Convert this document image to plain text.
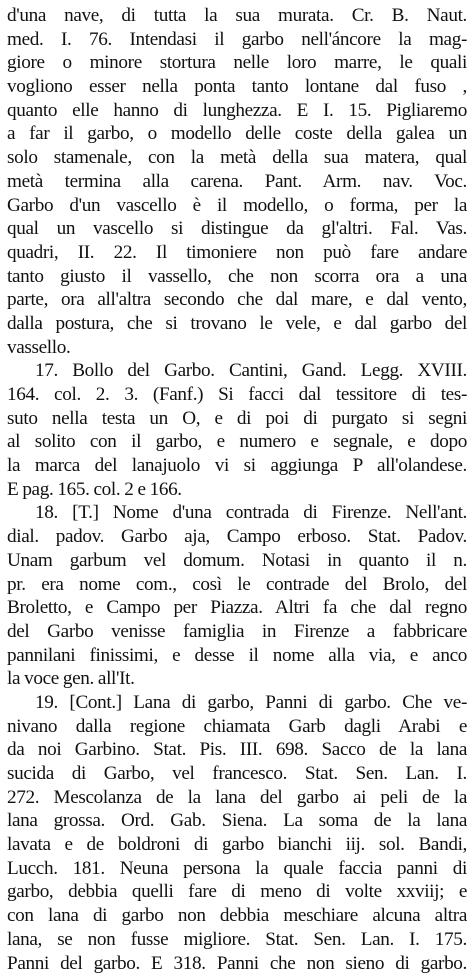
d'una nave, di tutta la sua murata. Cr. B. Naut.
med. I. 76. Intendasi il garbo nell'áncore la mag-
giore o minore stortura nelle loro marre, le quali
vogliono esser nella ponta tanto lontane dal fuso ,
quanto elle hanno di lunghezza. E I. 15. Pigliaremo
a far il garbo, o modello delle coste della galea un
solo stamenale, con la metà della sua matera, qual
metà termina alla carena. Pant. Arm. nav. Voc.
Garbo d'un vascello è il modello, o forma, per la
qual un vascello si distingue da gl'altri. Fal. Vas.
quadri, II. 22. Il timoniere non può fare andare
tanto giusto il vassello, che non scorra ora a una
parte, ora all'altra secondo che dal mare, e dal vento,
dalla postura, che si trovano le vele, e dal garbo del
vassello.
17. Bollo del Garbo. Cantini, Gand. Legg. XVIII.
164. col. 2. 3. (Fanf.) Si facci dal tessitore di tes-
suto nella testa un O, e di poi di purgato si segni
al solito con il garbo, e numero e segnale, e dopo
la marca del lanajuolo vi si aggiunga P all'olandese.
E pag. 165. col. 2 e 166.
18. [T.] Nome d'una contrada di Firenze. Nell'ant.
dial. padov. Garbo aja, Campo erboso. Stat. Padov.
Unam garbum vel domum. Notasi in quanto il n.
pr. era nome com., così le contrade del Brolo, del
Broletto, e Campo per Piazza. Altri fa che dal regno
del Garbo venisse famiglia in Firenze a fabbricare
pannilani finissimi, e desse il nome alla via, e anco
la voce gen. all'It.
19. [Cont.] Lana di garbo, Panni di garbo. Che ve-
nivano dalla regione chiamata Garb dagli Arabi e
da noi Garbino. Stat. Pis. III. 698. Sacco de la lana
sucida di Garbo, vel francesco. Stat. Sen. Lan. I.
272. Mescolanza de la lana del garbo ai peli de la
lana grossa. Ord. Gab. Siena. La soma de la lana
lavata e de boldroni di garbo bianchi iij. sol. Bandi,
Lucch. 181. Neuna persona la quale faccia panni di
garbo, debbia quelli fare di meno di volte xxviij; e
con lana di garbo non debbia meschiare alcuna altra
lana, se non fusse migliore. Stat. Sen. Lan. I. 175.
Panni del garbo. E 318. Panni che non sieno di garbo.
